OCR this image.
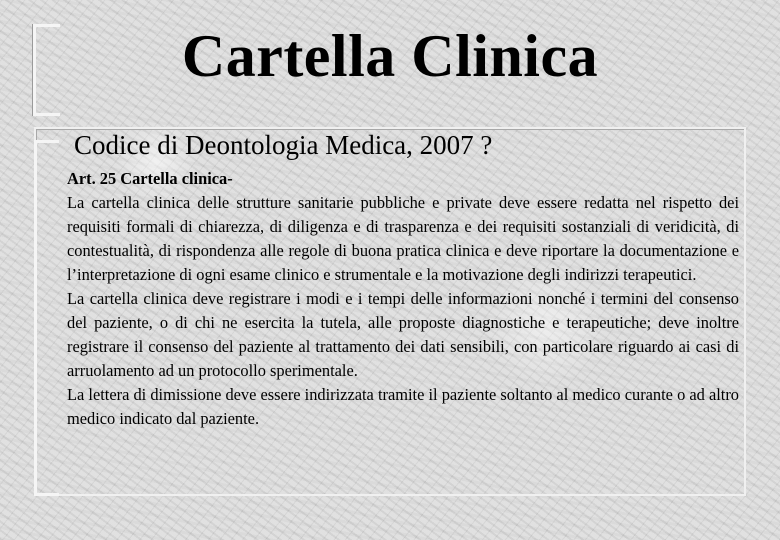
Cartella Clinica
Codice di Deontologia Medica, 2007 ?

Art. 25 Cartella clinica-

La cartella clinica delle strutture sanitarie pubbliche e private deve essere redatta nel rispetto dei requisiti formali di chiarezza, di diligenza e di trasparenza e dei requisiti sostanziali di veridicità, di contestualità, di rispondenza alle regole di buona pratica clinica e deve riportare la documentazione e l’interpretazione di ogni esame clinico e strumentale e la motivazione degli indirizzi terapeutici.

La cartella clinica deve registrare i modi e i tempi delle informazioni nonché i termini del consenso del paziente, o di chi ne esercita la tutela, alle proposte diagnostiche e terapeutiche; deve inoltre registrare il consenso del paziente al trattamento dei dati sensibili, con particolare riguardo ai casi di arruolamento ad un protocollo sperimentale.

La lettera di dimissione deve essere indirizzata tramite il paziente soltanto al medico curante o ad altro medico indicato dal paziente.
